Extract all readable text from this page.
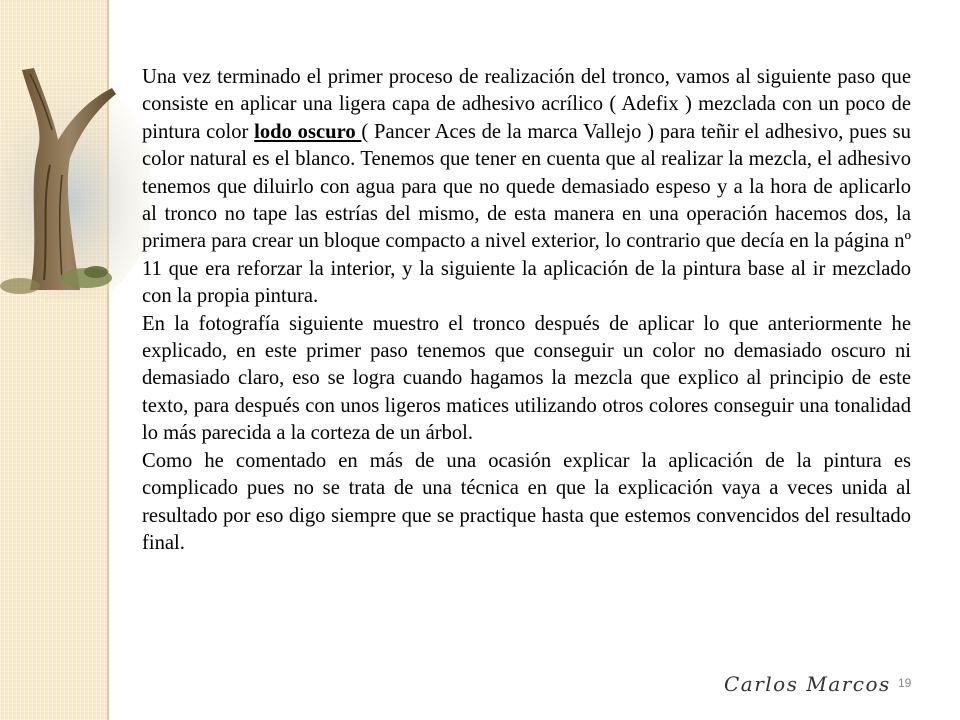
Una vez terminado el primer proceso de realización del tronco, vamos al siguiente paso que consiste en aplicar una ligera capa de adhesivo acrílico ( Adefix ) mezclada con un poco de pintura color lodo oscuro ( Pancer Aces de la marca Vallejo ) para teñir el adhesivo, pues su color natural es el blanco. Tenemos que tener en cuenta que al realizar la mezcla, el adhesivo tenemos que diluirlo con agua para que no quede demasiado espeso y a la hora de aplicarlo al tronco no tape las estrías del mismo, de esta manera en una operación hacemos dos, la primera para crear un bloque compacto a nivel exterior, lo contrario que decía en la página nº 11 que era reforzar la interior, y la siguiente la aplicación de la pintura base al ir mezclado con la propia pintura.

En la fotografía siguiente muestro el tronco después de aplicar lo que anteriormente he explicado, en este primer paso tenemos que conseguir un color no demasiado oscuro ni demasiado claro, eso se logra cuando hagamos la mezcla que explico al principio de este texto, para después con unos ligeros matices utilizando otros colores conseguir una tonalidad lo más parecida a la corteza de un árbol.

Como he comentado en más de una ocasión explicar la aplicación de la pintura es complicado pues no se trata de una técnica en que la explicación vaya a veces unida al resultado por eso digo siempre que se practique hasta que estemos convencidos del resultado final.

Carlos Marcos 19
